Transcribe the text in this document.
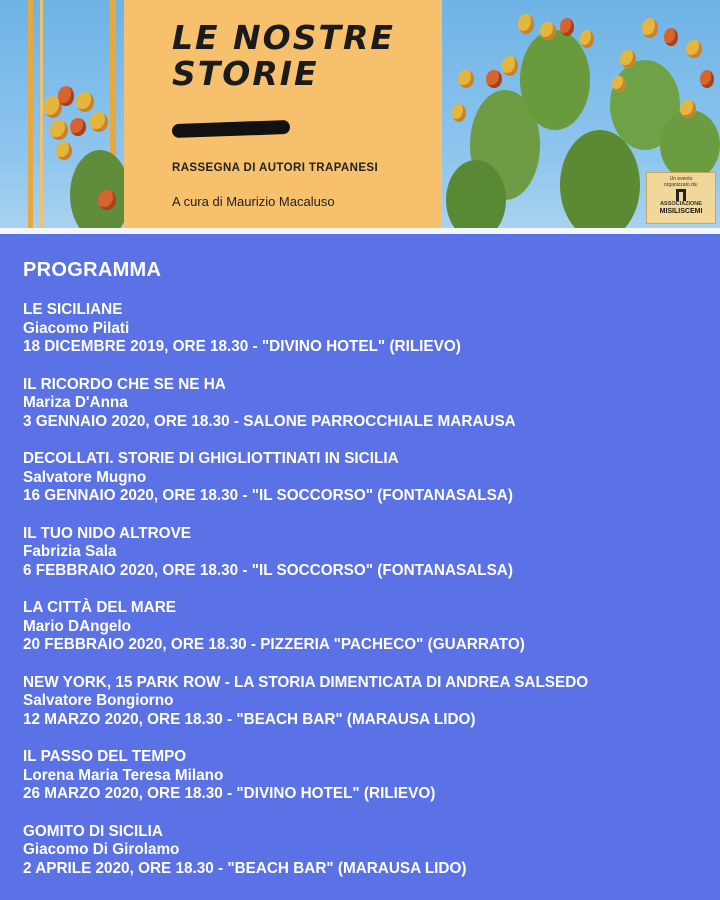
LE NOSTRE
STORIE
RASSEGNA DI AUTORI TRAPANESI
A cura di Maurizio Macaluso
Un evento
organizzato da:
ASSOCIAZIONE
MISILISCEMI
PROGRAMMA
LE SICILIANE
Giacomo Pilati
18 DICEMBRE 2019, ORE 18.30 - "DIVINO HOTEL" (RILIEVO)
IL RICORDO CHE SE NE HA
Mariza D'Anna
3 GENNAIO 2020, ORE 18.30 - SALONE PARROCCHIALE MARAUSA
DECOLLATI. STORIE DI GHIGLIOTTINATI IN SICILIA
Salvatore Mugno
16 GENNAIO 2020, ORE 18.30 - "IL SOCCORSO" (FONTANASALSA)
IL TUO NIDO ALTROVE
Fabrizia Sala
6 FEBBRAIO 2020, ORE 18.30 - "IL SOCCORSO" (FONTANASALSA)
LA CITTÀ DEL MARE
Mario DAngelo
20 FEBBRAIO 2020, ORE 18.30 - PIZZERIA "PACHECO" (GUARRATO)
NEW YORK, 15 PARK ROW - LA STORIA DIMENTICATA DI ANDREA SALSEDO
Salvatore Bongiorno
12 MARZO 2020, ORE 18.30 - "BEACH BAR" (MARAUSA LIDO)
IL PASSO DEL TEMPO
Lorena Maria Teresa Milano
26 MARZO 2020, ORE 18.30 - "DIVINO HOTEL" (RILIEVO)
GOMITO DI SICILIA
Giacomo Di Girolamo
2 APRILE 2020, ORE 18.30 - "BEACH BAR" (MARAUSA LIDO)
